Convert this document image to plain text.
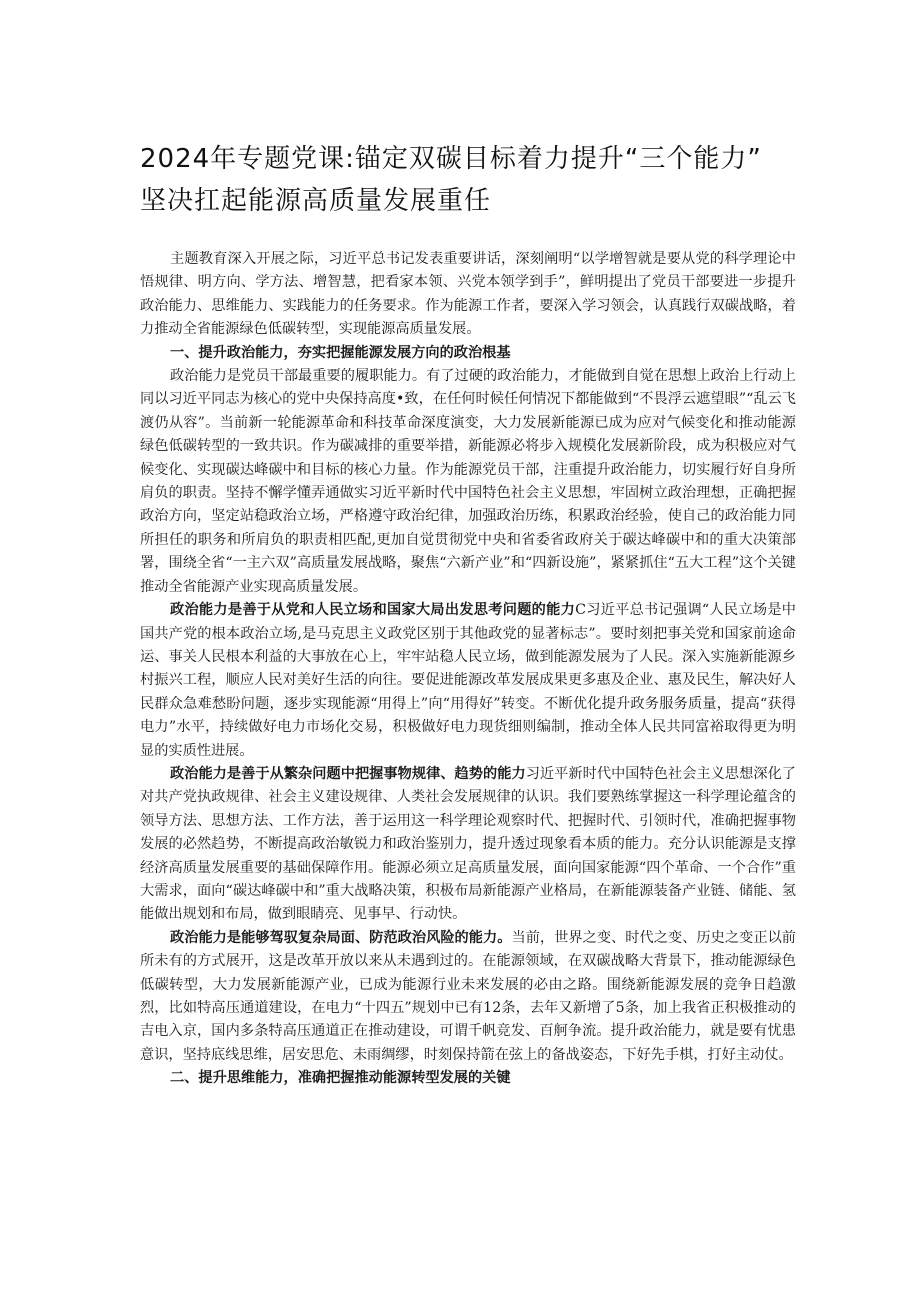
2024年专题党课:锚定双碳目标着力提升“三个能力”
坚决扛起能源高质量发展重任

主题教育深入开展之际，习近平总书记发表重要讲话，深刻阐明“以学增智就是要从党的科学理论中悟规律、明方向、学方法、增智慧，把看家本领、兴党本领学到手”，鲜明提出了党员干部要进一步提升政治能力、思维能力、实践能力的任务要求。作为能源工作者，要深入学习领会，认真践行双碳战略，着力推动全省能源绿色低碳转型，实现能源高质量发展。

一、提升政治能力，夯实把握能源发展方向的政治根基

政治能力是党员干部最重要的履职能力。有了过硬的政治能力，才能做到自觉在思想上政治上行动上同以习近平同志为核心的党中央保持高度•致，在任何时候任何情况下都能做到“不畏浮云遮望眼”“乱云飞渡仍从容”。当前新一轮能源革命和科技革命深度演变，大力发展新能源已成为应对气候变化和推动能源绿色低碳转型的一致共识。作为碳减排的重要举措，新能源必将步入规模化发展新阶段，成为积极应对气候变化、实现碳达峰碳中和目标的核心力量。作为能源党员干部，注重提升政治能力，切实履行好自身所肩负的职责。坚持不懈学懂弄通做实习近平新时代中国特色社会主义思想，牢固树立政治理想，正确把握政治方向，坚定站稳政治立场，严格遵守政治纪律，加强政治历练，积累政治经验，使自己的政治能力同所担任的职务和所肩负的职责相匹配,更加自觉贯彻党中央和省委省政府关于碳达峰碳中和的重大决策部署，围绕全省“一主六双”高质量发展战略，聚焦“六新产业”和“四新设施”，紧紧抓住“五大工程”这个关键推动全省能源产业实现高质量发展。

政治能力是善于从党和人民立场和国家大局出发思考问题的能力C习近平总书记强调“人民立场是中国共产党的根本政治立场,是马克思主义政党区别于其他政党的显著标志”。要时刻把事关党和国家前途命运、事关人民根本利益的大事放在心上，牢牢站稳人民立场，做到能源发展为了人民。深入实施新能源乡村振兴工程，顺应人民对美好生活的向往。要促进能源改革发展成果更多惠及企业、惠及民生，解决好人民群众急难愁盼问题，逐步实现能源“用得上”向“用得好”转变。不断优化提升政务服务质量，提高“获得电力”水平，持续做好电力市场化交易，积极做好电力现货细则编制，推动全体人民共同富裕取得更为明显的实质性进展。

政治能力是善于从繁杂问题中把握事物规律、趋势的能力习近平新时代中国特色社会主义思想深化了对共产党执政规律、社会主义建设规律、人类社会发展规律的认识。我们要熟练掌握这一科学理论蕴含的领导方法、思想方法、工作方法，善于运用这一科学理论观察时代、把握时代、引领时代，准确把握事物发展的必然趋势，不断提高政治敏锐力和政治鉴别力，提升透过现象看本质的能力。充分认识能源是支撑经济高质量发展重要的基础保障作用。能源必须立足高质量发展，面向国家能源“四个革命、一个合作”重大需求，面向“碳达峰碳中和”重大战略决策，积极布局新能源产业格局，在新能源装备产业链、储能、氢能做出规划和布局，做到眼睛亮、见事早、行动快。

政治能力是能够驾驭复杂局面、防范政治风险的能力。当前，世界之变、时代之变、历史之变正以前所未有的方式展开，这是改革开放以来从未遇到过的。在能源领域，在双碳战略大背景下，推动能源绿色低碳转型，大力发展新能源产业，已成为能源行业未来发展的必由之路。围绕新能源发展的竞争日趋激烈，比如特高压通道建设，在电力“十四五”规划中已有12条，去年又新增了5条，加上我省正积极推动的吉电入京，国内多条特高压通道正在推动建设，可谓千帆竞发、百舸争流。提升政治能力，就是要有忧患意识，坚持底线思维，居安思危、未雨绸缪，时刻保持箭在弦上的备战姿态，下好先手棋，打好主动仗。

二、提升思维能力，准确把握推动能源转型发展的关键
